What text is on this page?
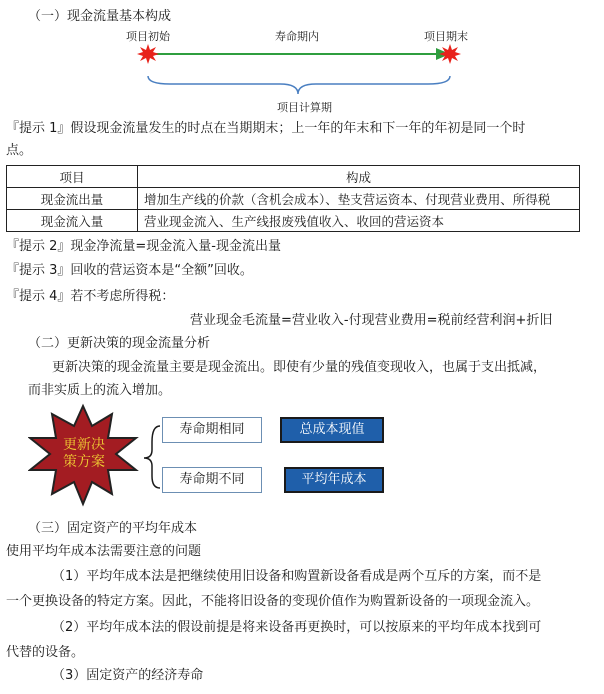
（一）现金流量基本构成
项目初始	寿命期内	项目期末
项目计算期
『提示 1』假设现金流量发生的时点在当期期末；上一年的年末和下一年的年初是同一个时
点。
项目	构成
现金流出量	增加生产线的价款（含机会成本）、垫支营运资本、付现营业费用、所得税
现金流入量	营业现金流入、生产线报废残值收入、收回的营运资本
『提示 2』现金净流量=现金流入量-现金流出量
『提示 3』回收的营运资本是“全额”回收。
『提示 4』若不考虑所得税：
营业现金毛流量=营业收入-付现营业费用=税前经营利润+折旧
（二）更新决策的现金流量分析
更新决策的现金流量主要是现金流出。即使有少量的残值变现收入，也属于支出抵减，
而非实质上的流入增加。
更新决
策方案
寿命期相同	总成本现值
寿命期不同	平均年成本
（三）固定资产的平均年成本
使用平均年成本法需要注意的问题
（1）平均年成本法是把继续使用旧设备和购置新设备看成是两个互斥的方案，而不是
一个更换设备的特定方案。因此，不能将旧设备的变现价值作为购置新设备的一项现金流入。
（2）平均年成本法的假设前提是将来设备再更换时，可以按原来的平均年成本找到可
代替的设备。
（3）固定资产的经济寿命
